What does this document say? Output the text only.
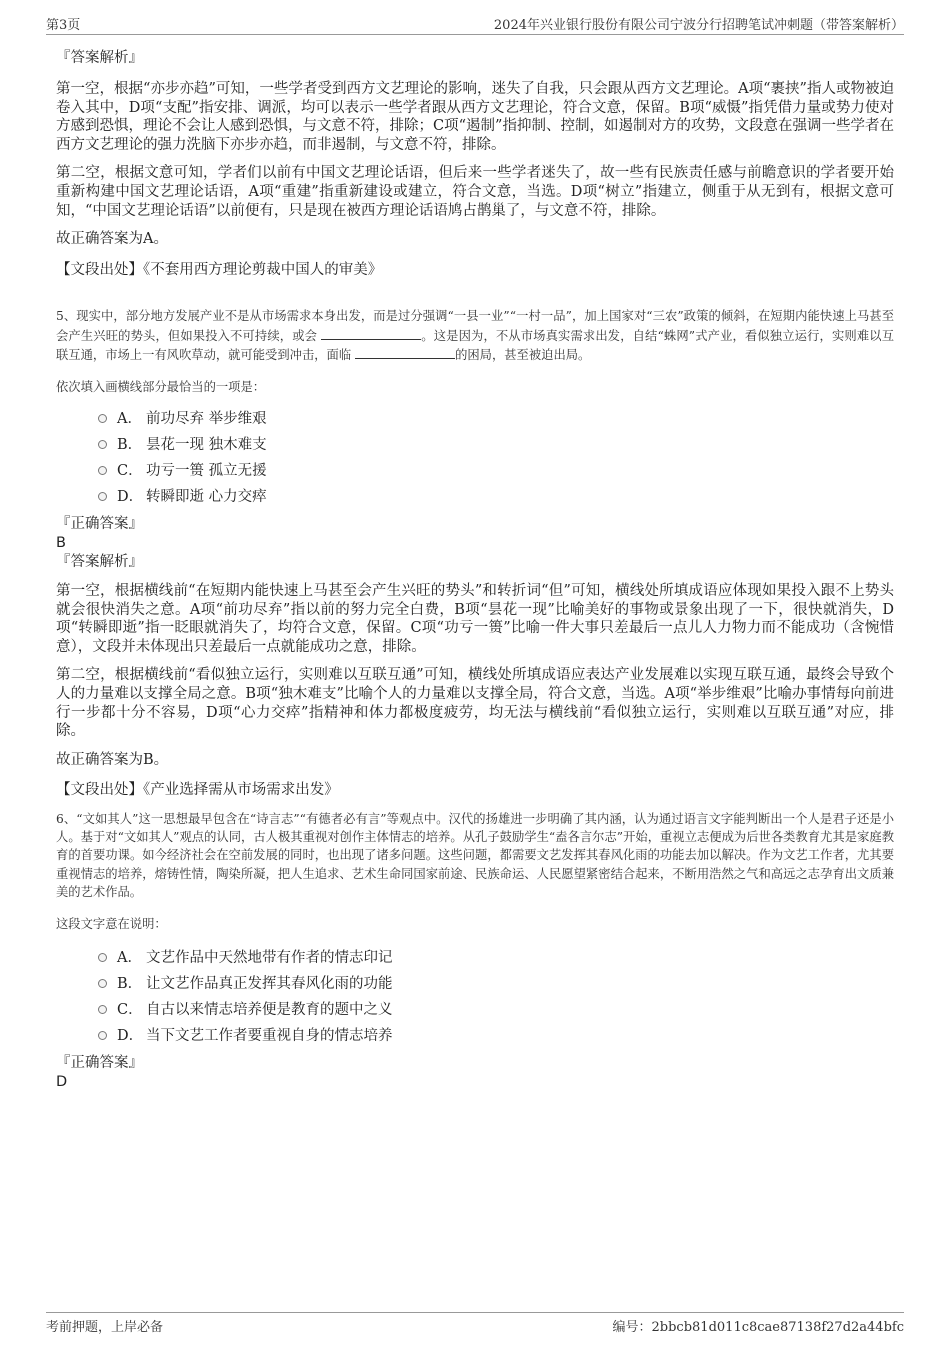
第3页	2024年兴业银行股份有限公司宁波分行招聘笔试冲刺题（带答案解析）

『答案解析』

第一空，根据“亦步亦趋”可知，一些学者受到西方文艺理论的影响，迷失了自我，只会跟从西方文艺理论。A项“裹挟”指人或物被迫卷入其中，D项“支配”指安排、调派，均可以表示一些学者跟从西方文艺理论，符合文意，保留。B项“威慑”指凭借力量或势力使对方感到恐惧，理论不会让人感到恐惧，与文意不符，排除；C项“遏制”指抑制、控制，如遏制对方的攻势，文段意在强调一些学者在西方文艺理论的强力洗脑下亦步亦趋，而非遏制，与文意不符，排除。

第二空，根据文意可知，学者们以前有中国文艺理论话语，但后来一些学者迷失了，故一些有民族责任感与前瞻意识的学者要开始重新构建中国文艺理论话语，A项“重建”指重新建设或建立，符合文意，当选。D项“树立”指建立，侧重于从无到有，根据文意可知，“中国文艺理论话语”以前便有，只是现在被西方理论话语鸠占鹊巢了，与文意不符，排除。

故正确答案为A。

【文段出处】《不套用西方理论剪裁中国人的审美》

5、现实中，部分地方发展产业不是从市场需求本身出发，而是过分强调“一县一业”“一村一品”，加上国家对“三农”政策的倾斜，在短期内能快速上马甚至会产生兴旺的势头，但如果投入不可持续，或会	。这是因为，不从市场真实需求出发，自结“蛛网”式产业，看似独立运行，实则难以互联互通，市场上一有风吹草动，就可能受到冲击，面临	的困局，甚至被迫出局。

依次填入画横线部分最恰当的一项是：

A． 前功尽弃 举步维艰
B． 昙花一现 独木难支
C． 功亏一篑 孤立无援
D． 转瞬即逝 心力交瘁

『正确答案』

B

『答案解析』

第一空，根据横线前“在短期内能快速上马甚至会产生兴旺的势头”和转折词“但”可知，横线处所填成语应体现如果投入跟不上势头就会很快消失之意。A项“前功尽弃”指以前的努力完全白费，B项“昙花一现”比喻美好的事物或景象出现了一下，很快就消失，D项“转瞬即逝”指一眨眼就消失了，均符合文意，保留。C项“功亏一篑”比喻一件大事只差最后一点儿人力物力而不能成功（含惋惜意），文段并未体现出只差最后一点就能成功之意，排除。

第二空，根据横线前“看似独立运行，实则难以互联互通”可知，横线处所填成语应表达产业发展难以实现互联互通，最终会导致个人的力量难以支撑全局之意。B项“独木难支”比喻个人的力量难以支撑全局，符合文意，当选。A项“举步维艰”比喻办事情每向前进行一步都十分不容易，D项“心力交瘁”指精神和体力都极度疲劳，均无法与横线前“看似独立运行，实则难以互联互通”对应，排除。

故正确答案为B。

【文段出处】《产业选择需从市场需求出发》

6、“文如其人”这一思想最早包含在“诗言志”“有德者必有言”等观点中。汉代的扬雄进一步明确了其内涵，认为通过语言文字能判断出一个人是君子还是小人。基于对“文如其人”观点的认同，古人极其重视对创作主体情志的培养。从孔子鼓励学生“盍各言尔志”开始，重视立志便成为后世各类教育尤其是家庭教育的首要功课。如今经济社会在空前发展的同时，也出现了诸多问题。这些问题，都需要文艺发挥其春风化雨的功能去加以解决。作为文艺工作者，尤其要重视情志的培养，熔铸性情，陶染所凝，把人生追求、艺术生命同国家前途、民族命运、人民愿望紧密结合起来，不断用浩然之气和高远之志孕育出文质兼美的艺术作品。

这段文字意在说明：

A． 文艺作品中天然地带有作者的情志印记
B． 让文艺作品真正发挥其春风化雨的功能
C． 自古以来情志培养便是教育的题中之义
D． 当下文艺工作者要重视自身的情志培养

『正确答案』

D

考前押题，上岸必备	编号：2bbcb81d011c8cae87138f27d2a44bfc
